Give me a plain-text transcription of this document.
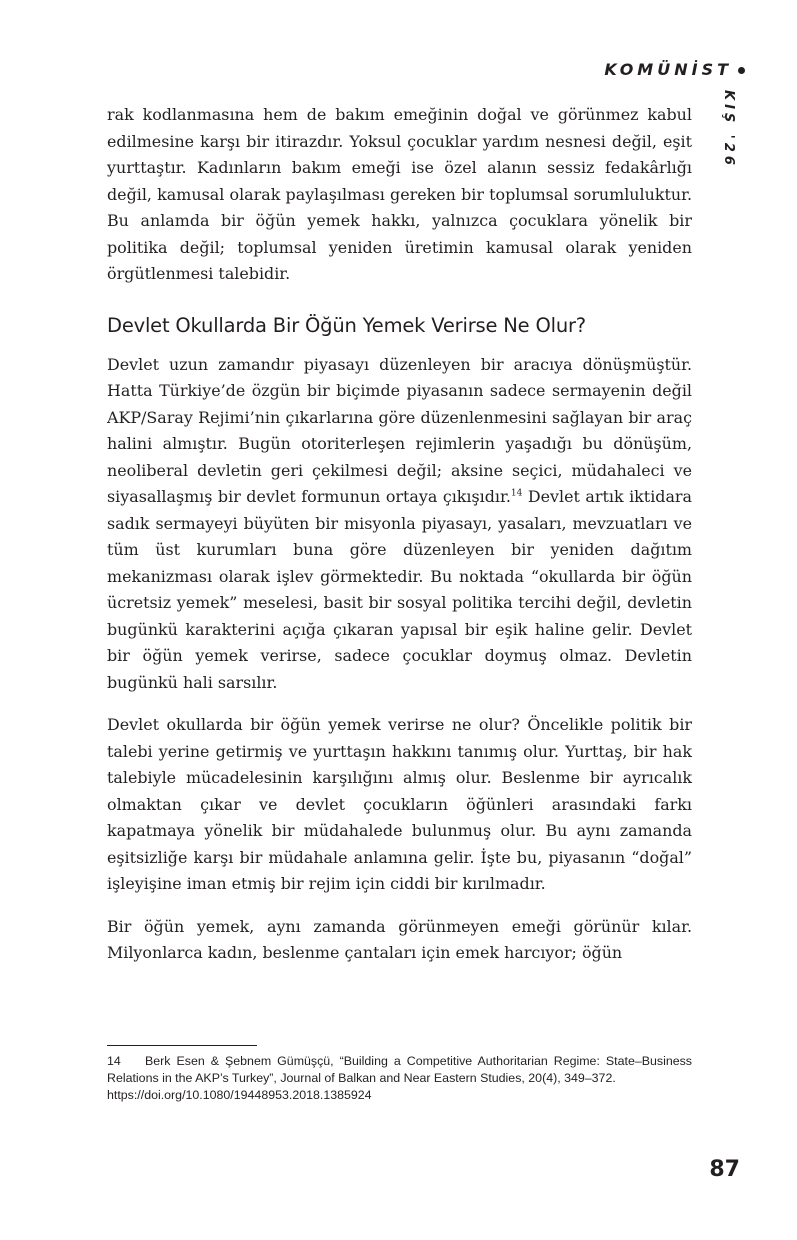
KOMÜNİST
KIŞ '26

rak kodlanmasına hem de bakım emeğinin doğal ve görünmez kabul edilmesine karşı bir itirazdır. Yoksul çocuklar yardım nesnesi değil, eşit yurttaştır. Kadınların bakım emeği ise özel alanın sessiz fedakârlığı değil, kamusal olarak paylaşılması gereken bir toplumsal sorumluluktur. Bu anlamda bir öğün yemek hakkı, yalnızca çocuklara yönelik bir politika değil; toplumsal yeniden üretimin kamusal olarak yeniden örgütlenmesi talebidir.

Devlet Okullarda Bir Öğün Yemek Verirse Ne Olur?

Devlet uzun zamandır piyasayı düzenleyen bir aracıya dönüşmüştür. Hatta Türkiye’de özgün bir biçimde piyasanın sadece sermayenin değil AKP/Saray Rejimi’nin çıkarlarına göre düzenlenmesini sağlayan bir araç halini almıştır. Bugün otoriterleşen rejimlerin yaşadığı bu dönüşüm, neoliberal devletin geri çekilmesi değil; aksine seçici, müdahaleci ve siyasallaşmış bir devlet formunun ortaya çıkışıdır.$^{14}$ Devlet artık iktidara sadık sermayeyi büyüten bir misyonla piyasayı, yasaları, mevzuatları ve tüm üst kurumları buna göre düzenleyen bir yeniden dağıtım mekanizması olarak işlev görmektedir. Bu noktada “okullarda bir öğün ücretsiz yemek” meselesi, basit bir sosyal politika tercihi değil, devletin bugünkü karakterini açığa çıkaran yapısal bir eşik haline gelir. Devlet bir öğün yemek verirse, sadece çocuklar doymuş olmaz. Devletin bugünkü hali sarsılır.

Devlet okullarda bir öğün yemek verirse ne olur? Öncelikle politik bir talebi yerine getirmiş ve yurttaşın hakkını tanımış olur. Yurttaş, bir hak talebiyle mücadelesinin karşılığını almış olur. Beslenme bir ayrıcalık olmaktan çıkar ve devlet çocukların öğünleri arasındaki farkı kapatmaya yönelik bir müdahalede bulunmuş olur. Bu aynı zamanda eşitsizliğe karşı bir müdahale anlamına gelir. İşte bu, piyasanın “doğal” işleyişine iman etmiş bir rejim için ciddi bir kırılmadır.

Bir öğün yemek, aynı zamanda görünmeyen emeği görünür kılar. Milyonlarca kadın, beslenme çantaları için emek harcıyor; öğün

14 Berk Esen & Şebnem Gümüşçü, “Building a Competitive Authoritarian Regime: State–Business Relations in the AKP’s Turkey”, Journal of Balkan and Near Eastern Studies, 20(4), 349–372.

https://doi.org/10.1080/19448953.2018.1385924

87
